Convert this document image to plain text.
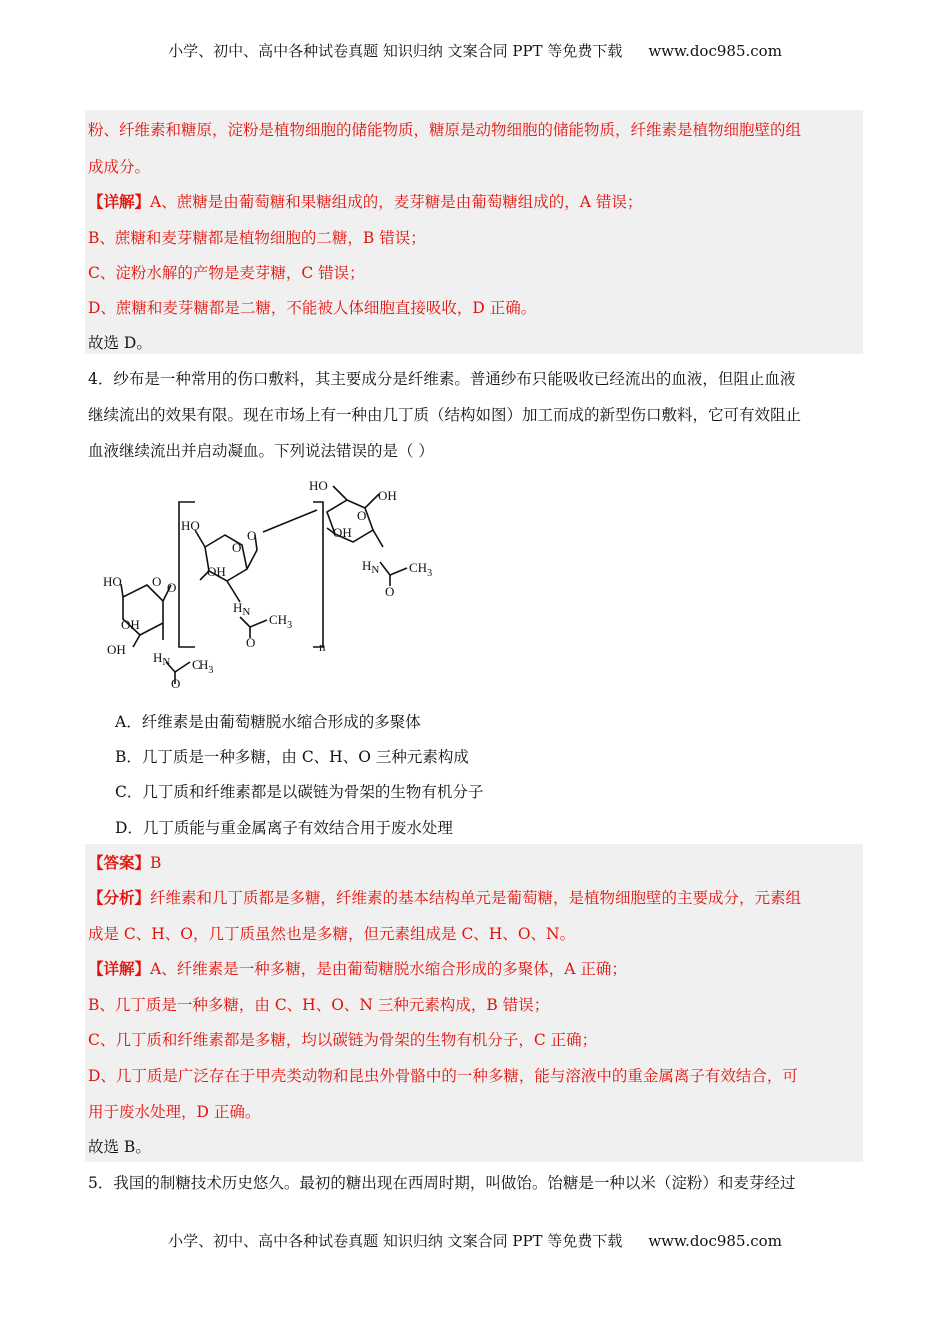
小学、初中、高中各种试卷真题 知识归纳 文案合同 PPT 等免费下载 www.doc985.com
粉、纤维素和糖原，淀粉是植物细胞的储能物质，糖原是动物细胞的储能物质，纤维素是植物细胞壁的组
成成分。
【详解】A、蔗糖是由葡萄糖和果糖组成的，麦芽糖是由葡萄糖组成的，A 错误；
B、蔗糖和麦芽糖都是植物细胞的二糖，B 错误；
C、淀粉水解的产物是麦芽糖，C 错误；
D、蔗糖和麦芽糖都是二糖，不能被人体细胞直接吸收，D 正确。
故选 D。
4．纱布是一种常用的伤口敷料，其主要成分是纤维素。普通纱布只能吸收已经流出的血液，但阻止血液
继续流出的效果有限。现在市场上有一种由几丁质（结构如图）加工而成的新型伤口敷料，它可有效阻止
血液继续流出并启动凝血。下列说法错误的是（ ）
HO O O
OH
OH
$H_N$
O
C
$H_3$
HO
O
O
OH
$H_N$
O
$CH_3$
HO
OH
O
OH
$H_N$
O
$CH_3$
n
A．纤维素是由葡萄糖脱水缩合形成的多聚体
B．几丁质是一种多糖，由 C、H、O 三种元素构成
C．几丁质和纤维素都是以碳链为骨架的生物有机分子
D．几丁质能与重金属离子有效结合用于废水处理
【答案】B
【分析】纤维素和几丁质都是多糖，纤维素的基本结构单元是葡萄糖，是植物细胞壁的主要成分，元素组
成是 C、H、O，几丁质虽然也是多糖，但元素组成是 C、H、O、N。
【详解】A、纤维素是一种多糖，是由葡萄糖脱水缩合形成的多聚体，A 正确；
B、几丁质是一种多糖，由 C、H、O、N 三种元素构成，B 错误；
C、几丁质和纤维素都是多糖，均以碳链为骨架的生物有机分子，C 正确；
D、几丁质是广泛存在于甲壳类动物和昆虫外骨骼中的一种多糖，能与溶液中的重金属离子有效结合，可
用于废水处理，D 正确。
故选 B。
5．我国的制糖技术历史悠久。最初的糖出现在西周时期，叫做饴。饴糖是一种以米（淀粉）和麦芽经过
小学、初中、高中各种试卷真题 知识归纳 文案合同 PPT 等免费下载 www.doc985.com
